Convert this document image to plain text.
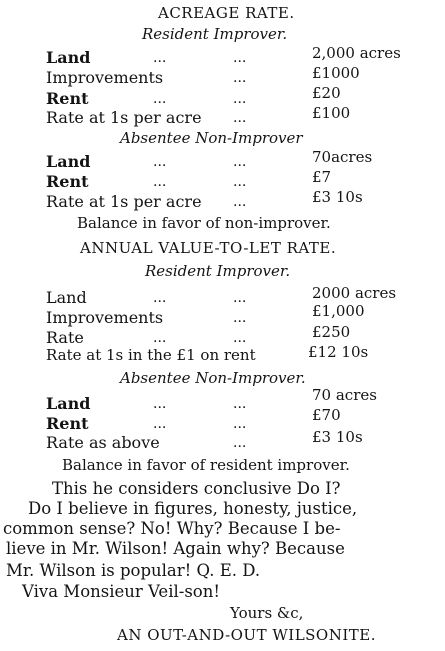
ACREAGE RATE.
Resident Improver.
Land	...	...	2,000 acres
Improvements	...	£1000
Rent	...	...	£20
Rate at 1s per acre ...	£100
Absentee Non-Improver
Land	...	...	70acres
Rent	...	...	£7
Rate at 1s per acre ...	£3 10s
Balance in favor of non-improver.
ANNUAL VALUE-TO-LET RATE.
Resident Improver.
Land	...	...	2000 acres
Improvements	...	£1,000
Rate	...	...	£250
Rate at 1s in the £1 on rent	£12 10s
Absentee Non-Improver.
Land	...	...	70 acres
Rent	...	...	£70
Rate as above	...	£3 10s
Balance in favor of resident improver.
This he considers conclusive Do I?
Do I believe in figures, honesty, justice,
common sense? No! Why? Because I be-
lieve in Mr. Wilson! Again why? Because
Mr. Wilson is popular! Q. E. D.
Viva Monsieur Veil-son!
Yours &c,
AN OUT-AND-OUT WILSONITE.
